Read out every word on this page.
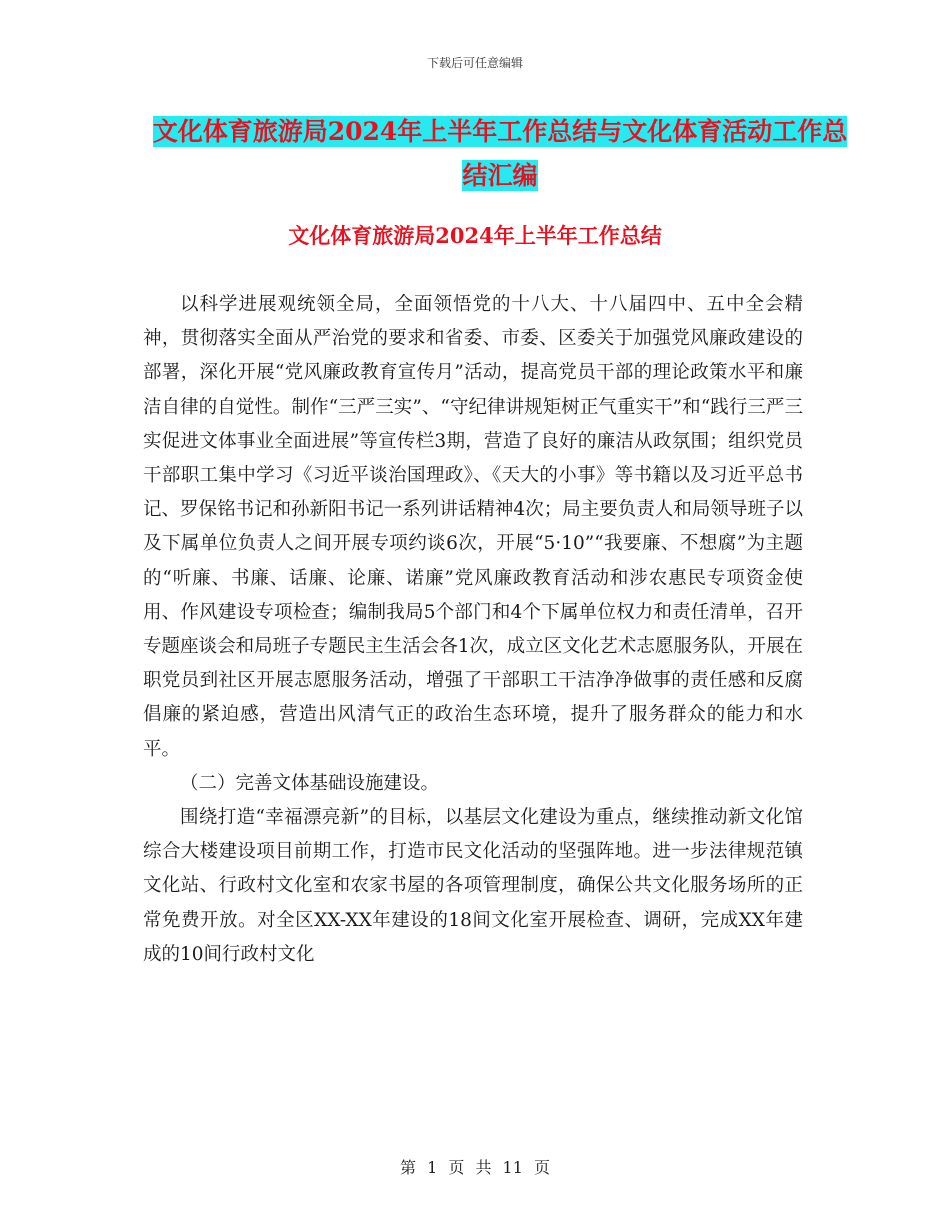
下载后可任意编辑
文化体育旅游局2024年上半年工作总结与文化体育活动工作总结汇编
文化体育旅游局2024年上半年工作总结

以科学进展观统领全局，全面领悟党的十八大、十八届四中、五中全会精神，贯彻落实全面从严治党的要求和省委、市委、区委关于加强党风廉政建设的部署，深化开展“党风廉政教育宣传月”活动，提高党员干部的理论政策水平和廉洁自律的自觉性。制作“三严三实”、“守纪律讲规矩树正气重实干”和“践行三严三实促进文体事业全面进展”等宣传栏3期，营造了良好的廉洁从政氛围；组织党员干部职工集中学习《习近平谈治国理政》、《天大的小事》等书籍以及习近平总书记、罗保铭书记和孙新阳书记一系列讲话精神4次；局主要负责人和局领导班子以及下属单位负责人之间开展专项约谈6次，开展“5·10”“我要廉、不想腐”为主题的“听廉、书廉、话廉、论廉、诺廉”党风廉政教育活动和涉农惠民专项资金使用、作风建设专项检查；编制我局5个部门和4个下属单位权力和责任清单，召开专题座谈会和局班子专题民主生活会各1次，成立区文化艺术志愿服务队，开展在职党员到社区开展志愿服务活动，增强了干部职工干洁净净做事的责任感和反腐倡廉的紧迫感，营造出风清气正的政治生态环境，提升了服务群众的能力和水平。

（二）完善文体基础设施建设。

围绕打造“幸福漂亮新”的目标，以基层文化建设为重点，继续推动新文化馆综合大楼建设项目前期工作，打造市民文化活动的坚强阵地。进一步法律规范镇文化站、行政村文化室和农家书屋的各项管理制度，确保公共文化服务场所的正常免费开放。对全区XX-XX年建设的18间文化室开展检查、调研，完成XX年建成的10间行政村文化

第 1 页 共 11 页
